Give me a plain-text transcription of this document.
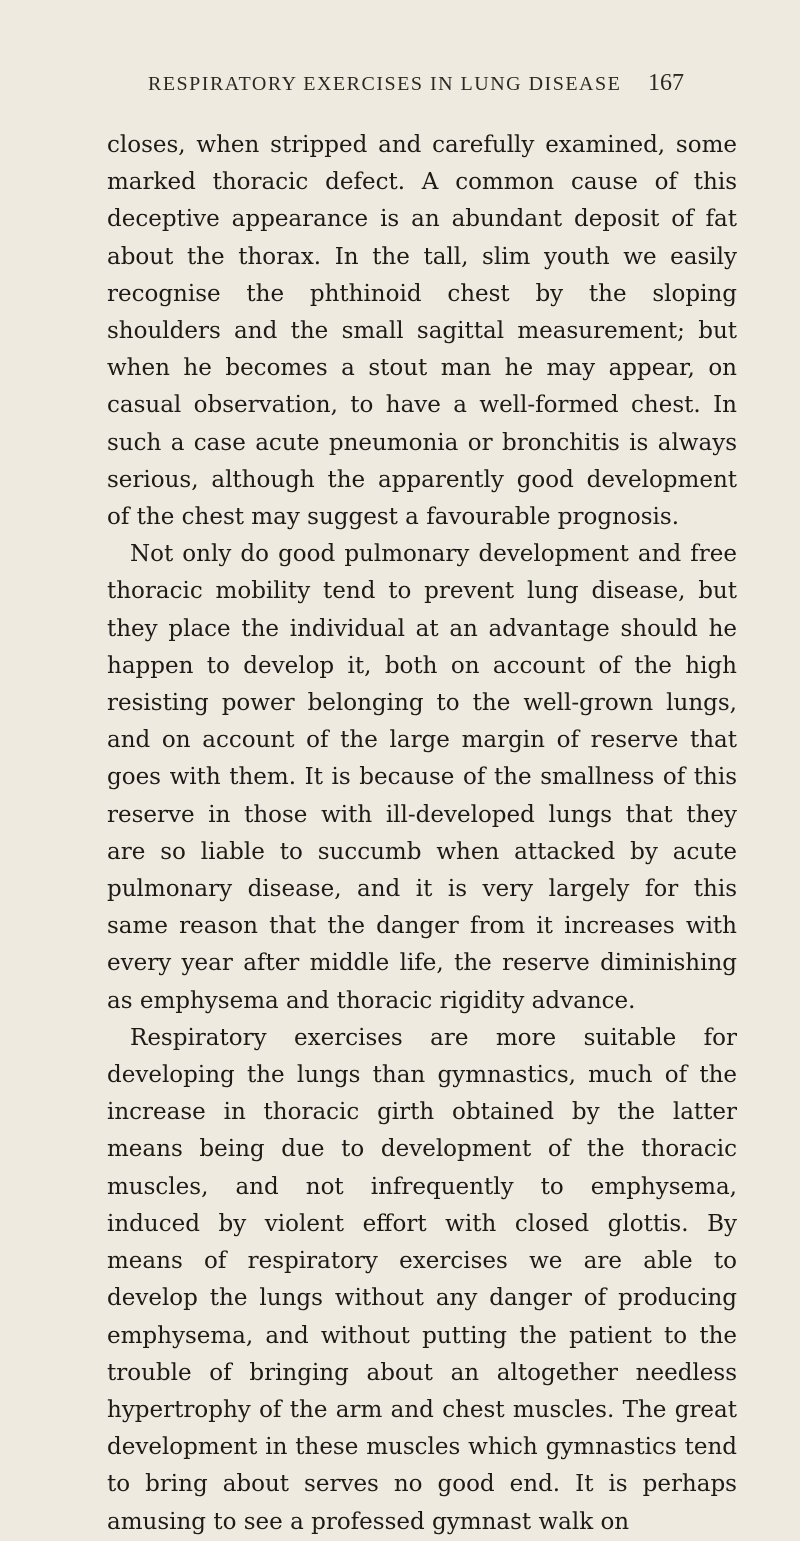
RESPIRATORY EXERCISES IN LUNG DISEASE 167

closes, when stripped and carefully examined, some marked thoracic defect. A common cause of this deceptive appearance is an abundant deposit of fat about the thorax. In the tall, slim youth we easily recognise the phthinoid chest by the sloping shoulders and the small sagittal measurement; but when he becomes a stout man he may appear, on casual observation, to have a well-formed chest. In such a case acute pneumonia or bronchitis is always serious, although the apparently good development of the chest may suggest a favourable prognosis.

Not only do good pulmonary development and free thoracic mobility tend to prevent lung disease, but they place the individual at an advantage should he happen to develop it, both on account of the high resisting power belonging to the well-grown lungs, and on account of the large margin of reserve that goes with them. It is because of the smallness of this reserve in those with ill-developed lungs that they are so liable to succumb when attacked by acute pulmonary disease, and it is very largely for this same reason that the danger from it increases with every year after middle life, the reserve diminishing as emphysema and thoracic rigidity advance.

Respiratory exercises are more suitable for developing the lungs than gymnastics, much of the increase in thoracic girth obtained by the latter means being due to development of the thoracic muscles, and not infrequently to emphysema, induced by violent effort with closed glottis. By means of respiratory exercises we are able to develop the lungs without any danger of producing emphysema, and without putting the patient to the trouble of bringing about an altogether needless hypertrophy of the arm and chest muscles. The great development in these muscles which gymnastics tend to bring about serves no good end. It is perhaps amusing to see a professed gymnast walk on
